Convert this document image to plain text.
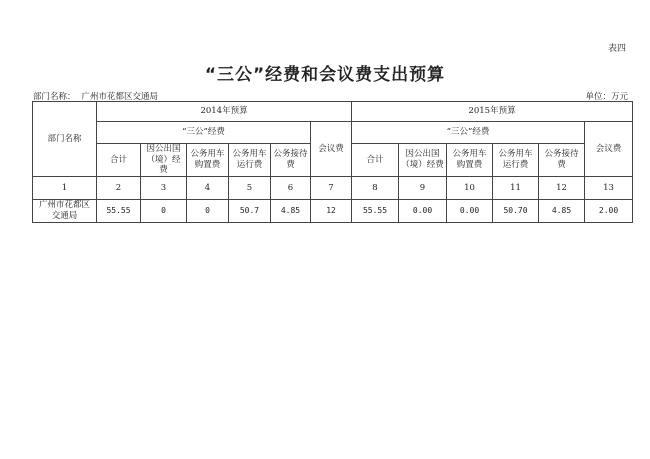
表四
“三公”经费和会议费支出预算
部门名称： 广州市花都区交通局	单位：万元
部门名称	2014年预算						2015年预算					
	“三公”经费					会议费	“三公”经费					会议费
	合计	因公出国（境）经费	公务用车购置费	公务用车运行费	公务接待费		合计	因公出国（境）经费	公务用车购置费	公务用车运行费	公务接待费	
1	2	3	4	5	6	7	8	9	10	11	12	13
广州市花都区交通局	55.55	0	0	50.7	4.85	12	55.55	0.00	0.00	50.70	4.85	2.00
